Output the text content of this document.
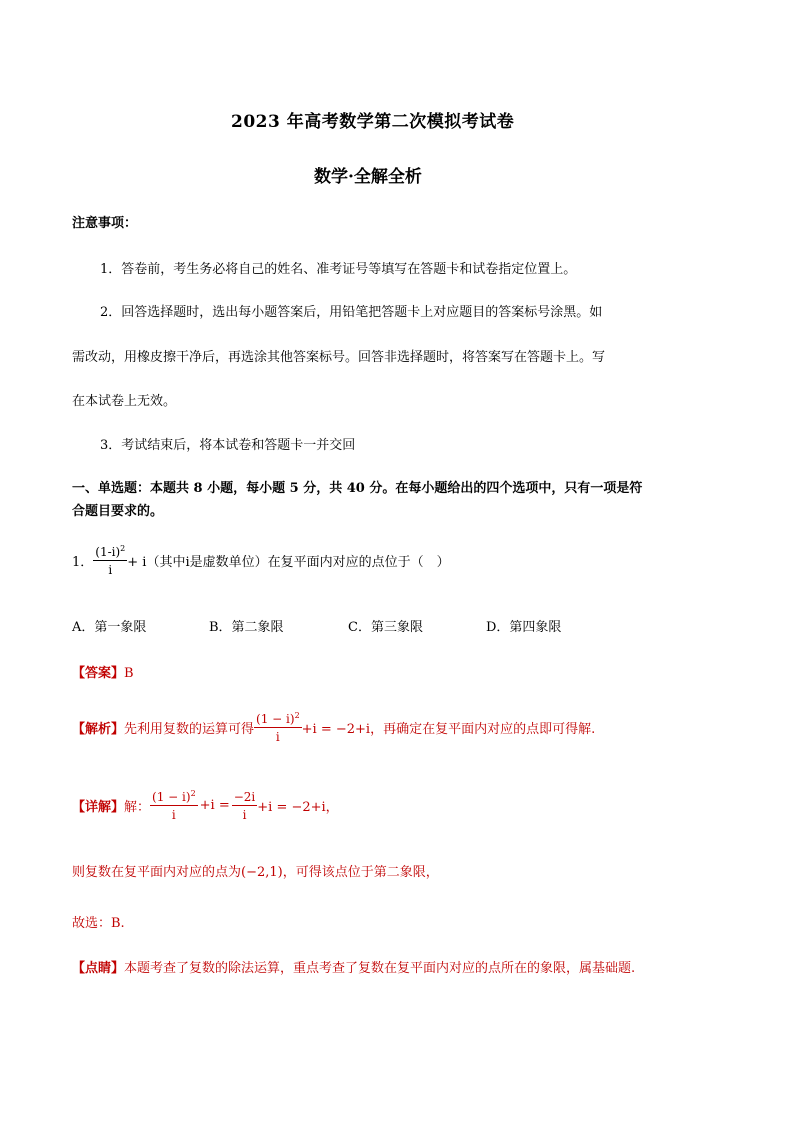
2023 年高考数学第二次模拟考试卷
数学·全解全析
注意事项：
1．答卷前，考生务必将自己的姓名、准考证号等填写在答题卡和试卷指定位置上。
2．回答选择题时，选出每小题答案后，用铅笔把答题卡上对应题目的答案标号涂黑。如
需改动，用橡皮擦干净后，再选涂其他答案标号。回答非选择题时，将答案写在答题卡上。写
在本试卷上无效。
3．考试结束后，将本试卷和答题卡一并交回
一、单选题：本题共 8 小题，每小题 5 分，共 40 分。在每小题给出的四个选项中，只有一项是符
合题目要求的。
1． $\frac{(1-i)^2}{i} + i$（其中i是虚数单位）在复平面内对应的点位于（　）
A．第一象限	B．第二象限	C．第三象限	D．第四象限
【答案】B
【解析】 先利用复数的运算可得 $\frac{(1 - i)^2}{i} +i = -2+i$，再确定在复平面内对应的点即可得解.
【详解】 解： $\frac{(1 - i)^2}{i} +i = \frac{-2i}{i} +i = -2+i$，
则复数在复平面内对应的点为(−2,1)，可得该点位于第二象限，
故选：B.
【点睛】本题考查了复数的除法运算，重点考查了复数在复平面内对应的点所在的象限，属基础题.
